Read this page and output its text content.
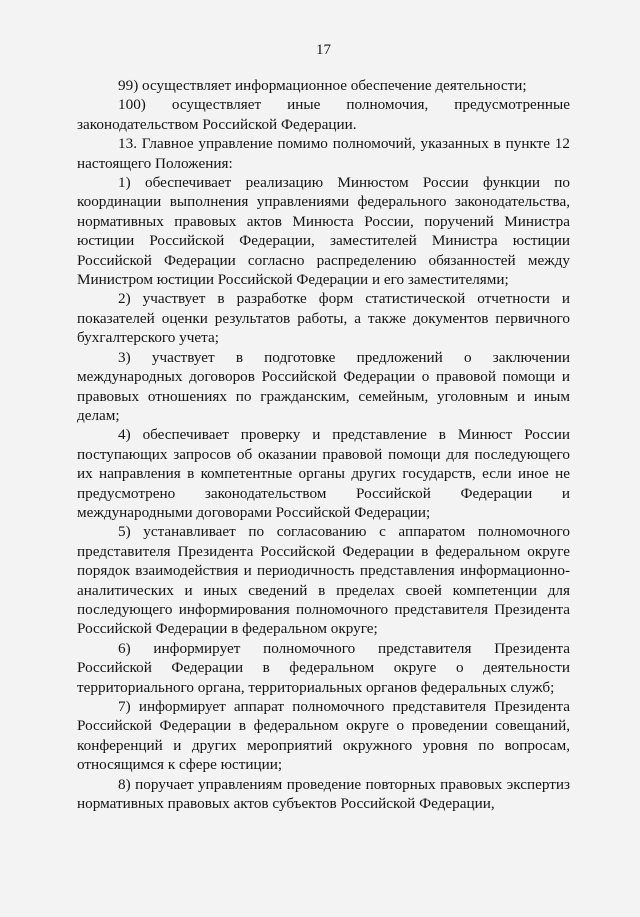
17

99) осуществляет информационное обеспечение деятельности;

100) осуществляет иные полномочия, предусмотренные законодательством Российской Федерации.

13. Главное управление помимо полномочий, указанных в пункте 12 настоящего Положения:

1) обеспечивает реализацию Минюстом России функции по координации выполнения управлениями федерального законодательства, нормативных правовых актов Минюста России, поручений Министра юстиции Российской Федерации, заместителей Министра юстиции Российской Федерации согласно распределению обязанностей между Министром юстиции Российской Федерации и его заместителями;

2) участвует в разработке форм статистической отчетности и показателей оценки результатов работы, а также документов первичного бухгалтерского учета;

3) участвует в подготовке предложений о заключении международных договоров Российской Федерации о правовой помощи и правовых отношениях по гражданским, семейным, уголовным и иным делам;

4) обеспечивает проверку и представление в Минюст России поступающих запросов об оказании правовой помощи для последующего их направления в компетентные органы других государств, если иное не предусмотрено законодательством Российской Федерации и международными договорами Российской Федерации;

5) устанавливает по согласованию с аппаратом полномочного представителя Президента Российской Федерации в федеральном округе порядок взаимодействия и периодичность представления информационно-аналитических и иных сведений в пределах своей компетенции для последующего информирования полномочного представителя Президента Российской Федерации в федеральном округе;

6) информирует полномочного представителя Президента Российской Федерации в федеральном округе о деятельности территориального органа, территориальных органов федеральных служб;

7) информирует аппарат полномочного представителя Президента Российской Федерации в федеральном округе о проведении совещаний, конференций и других мероприятий окружного уровня по вопросам, относящимся к сфере юстиции;

8) поручает управлениям проведение повторных правовых экспертиз нормативных правовых актов субъектов Российской Федерации,
